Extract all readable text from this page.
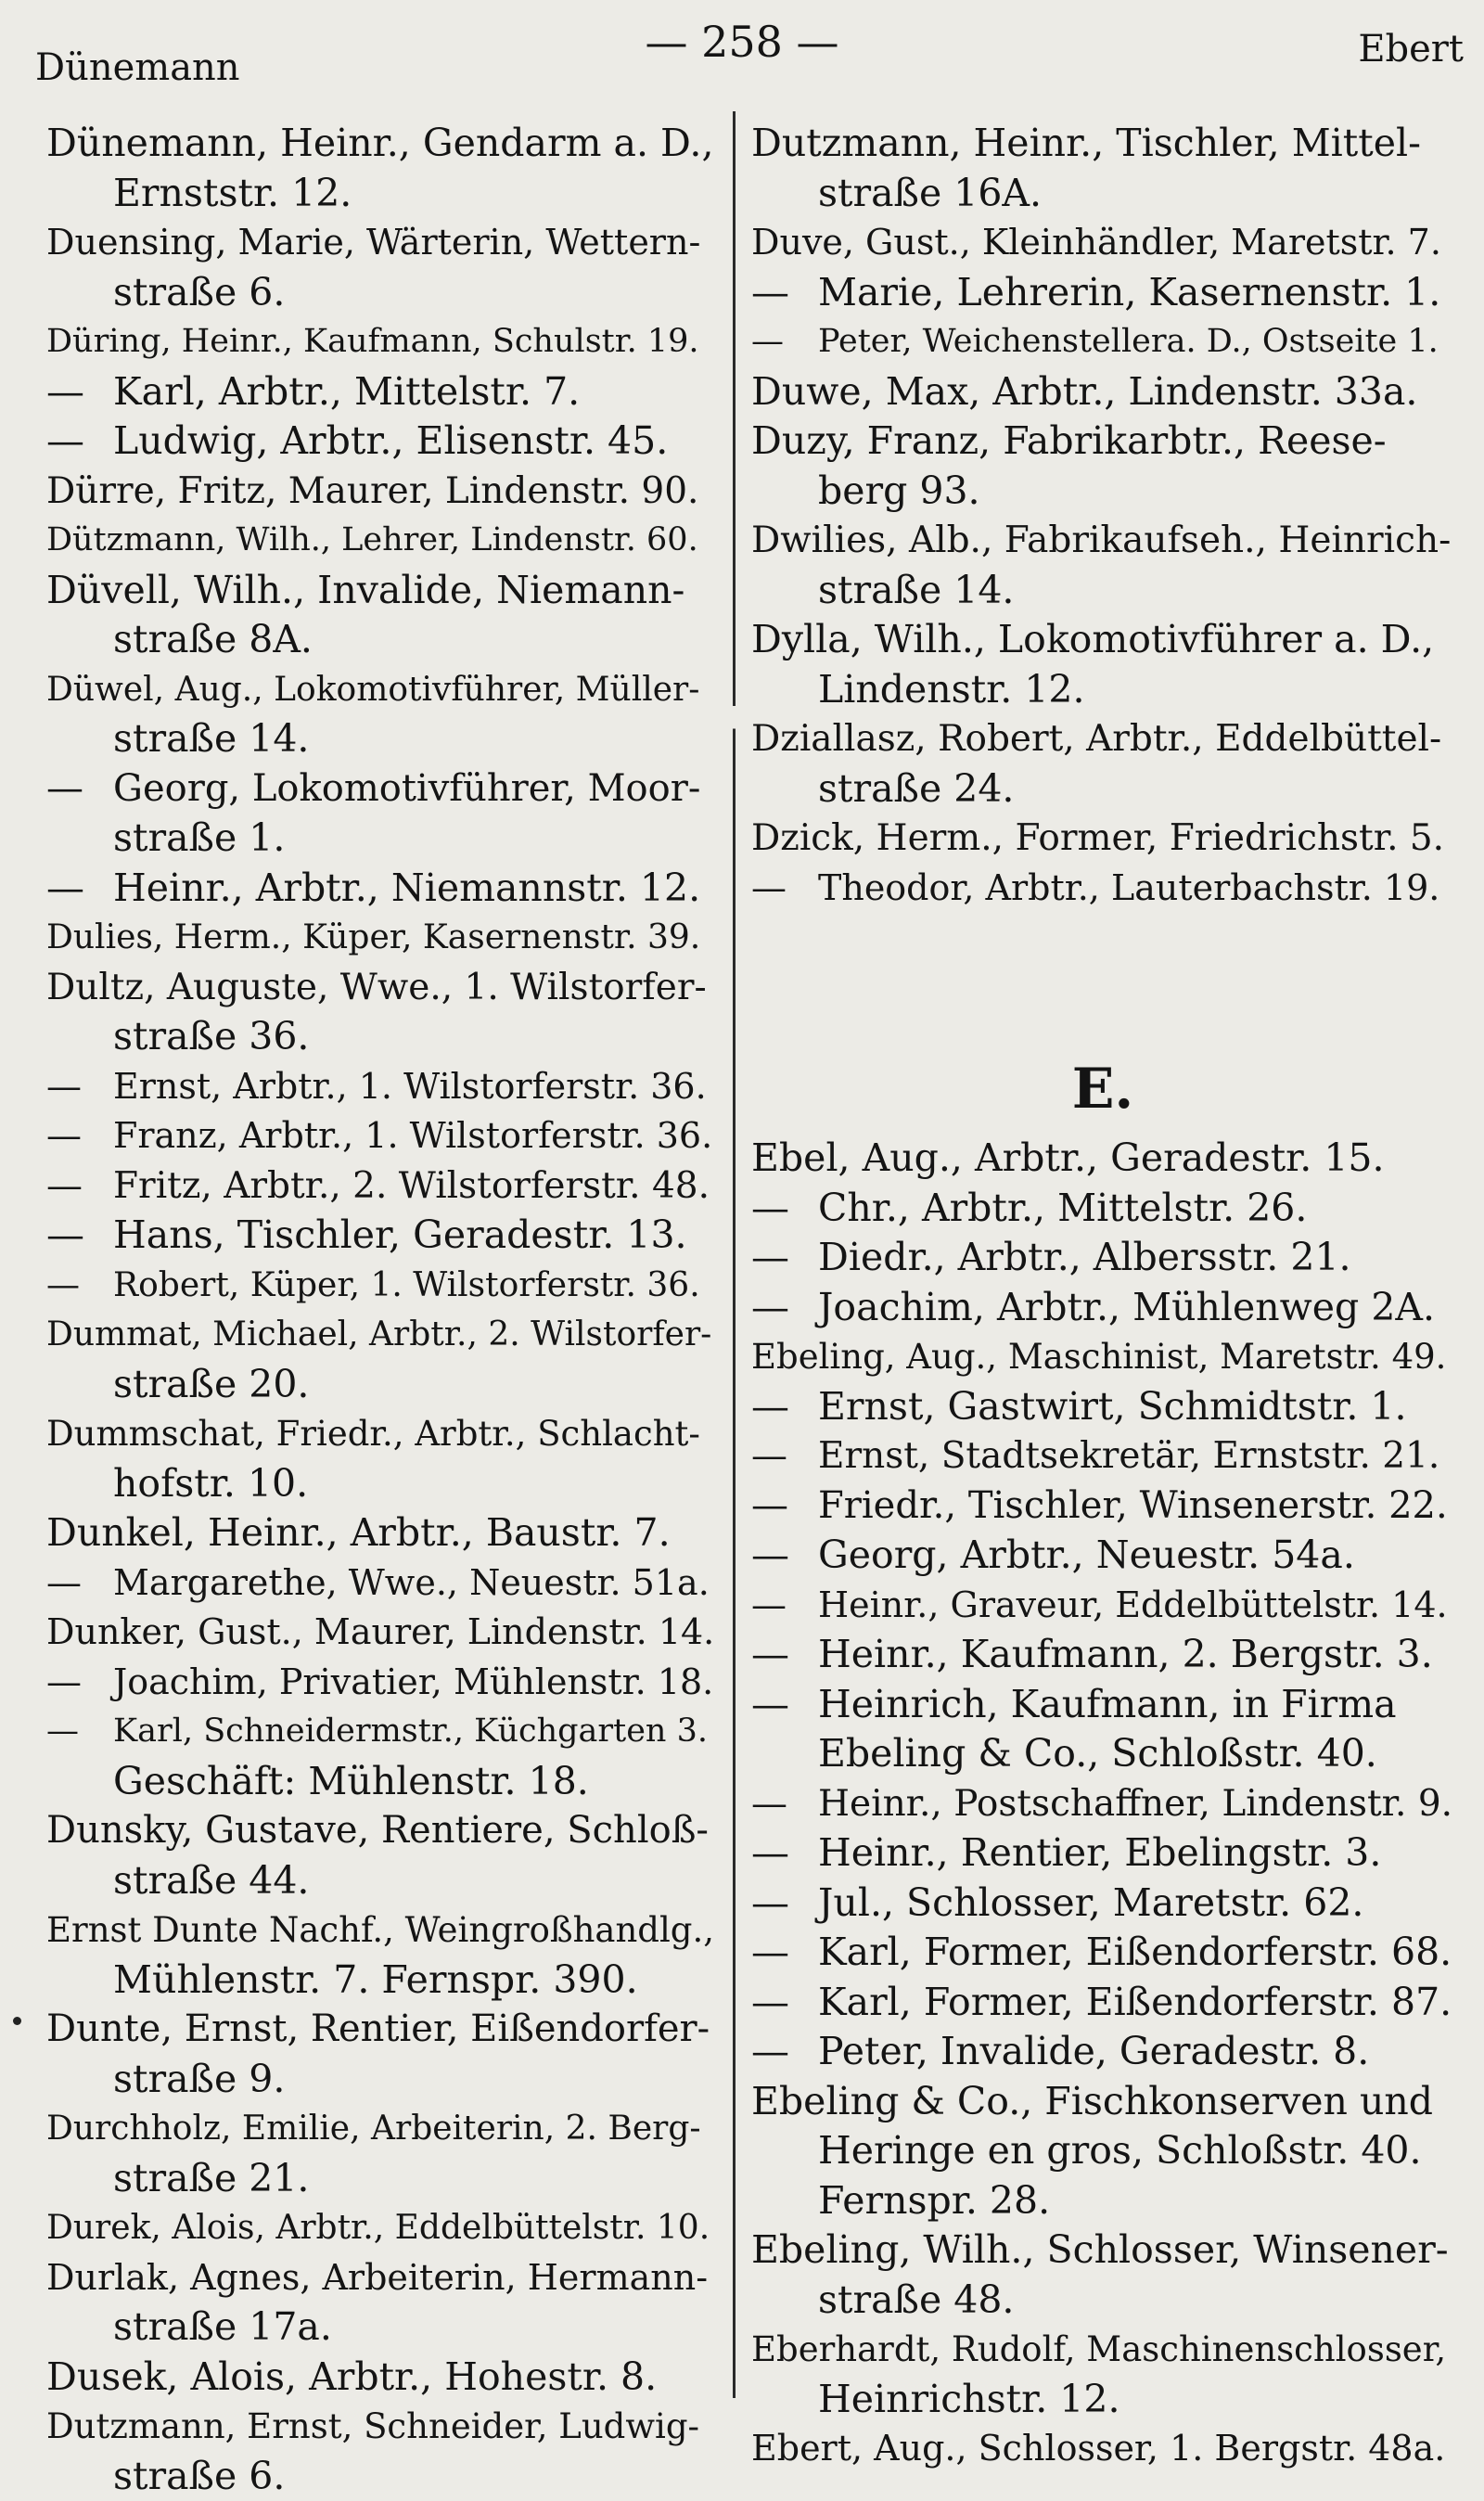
Dünemann
— 258 —	Ebert
Dünemann, Heinr., Gendarm a. D.,
Ernststr. 12.
Duensing, Marie, Wärterin, Wettern-
straße 6.
Düring, Heinr., Kaufmann, Schulstr. 19.
— Karl, Arbtr., Mittelstr. 7.
— Ludwig, Arbtr., Elisenstr. 45.
Dürre, Fritz, Maurer, Lindenstr. 90.
Dützmann, Wilh., Lehrer, Lindenstr. 60.
Düvell, Wilh., Invalide, Niemann-
straße 8A.
Düwel, Aug., Lokomotivführer, Müller-
straße 14.
— Georg, Lokomotivführer, Moor-
straße 1.
— Heinr., Arbtr., Niemannstr. 12.
Dulies, Herm., Küper, Kasernenstr. 39.
Dultz, Auguste, Wwe., 1. Wilstorfer-
straße 36.
— Ernst, Arbtr., 1. Wilstorferstr. 36.
— Franz, Arbtr., 1. Wilstorferstr. 36.
— Fritz, Arbtr., 2. Wilstorferstr. 48.
— Hans, Tischler, Geradestr. 13.
— Robert, Küper, 1. Wilstorferstr. 36.
Dummat, Michael, Arbtr., 2. Wilstorfer-
straße 20.
Dummschat, Friedr., Arbtr., Schlacht-
hofstr. 10.
Dunkel, Heinr., Arbtr., Baustr. 7.
— Margarethe, Wwe., Neuestr. 51a.
Dunker, Gust., Maurer, Lindenstr. 14.
— Joachim, Privatier, Mühlenstr. 18.
— Karl, Schneidermstr., Küchgarten 3.
Geschäft: Mühlenstr. 18.
Dunsky, Gustave, Rentiere, Schloß-
straße 44.
Ernst Dunte Nachf., Weingroßhandlg.,
Mühlenstr. 7. Fernspr. 390.
Dunte, Ernst, Rentier, Eißendorfer-
straße 9.
Durchholz, Emilie, Arbeiterin, 2. Berg-
straße 21.
Durek, Alois, Arbtr., Eddelbüttelstr. 10.
Durlak, Agnes, Arbeiterin, Hermann-
straße 17a.
Dusek, Alois, Arbtr., Hohestr. 8.
Dutzmann, Ernst, Schneider, Ludwig-
straße 6.
Dutzmann, Heinr., Tischler, Mittel-
straße 16A.
Duve, Gust., Kleinhändler, Maretstr. 7.
— Marie, Lehrerin, Kasernenstr. 1.
— Peter, Weichenstellera. D., Ostseite 1.
Duwe, Max, Arbtr., Lindenstr. 33a.
Duzy, Franz, Fabrikarbtr., Reese-
berg 93.
Dwilies, Alb., Fabrikaufseh., Heinrich-
straße 14.
Dylla, Wilh., Lokomotivführer a. D.,
Lindenstr. 12.
Dziallasz, Robert, Arbtr., Eddelbüttel-
straße 24.
Dzick, Herm., Former, Friedrichstr. 5.
— Theodor, Arbtr., Lauterbachstr. 19.
E.
Ebel, Aug., Arbtr., Geradestr. 15.
— Chr., Arbtr., Mittelstr. 26.
— Diedr., Arbtr., Albersstr. 21.
— Joachim, Arbtr., Mühlenweg 2A.
Ebeling, Aug., Maschinist, Maretstr. 49.
— Ernst, Gastwirt, Schmidtstr. 1.
— Ernst, Stadtsekretär, Ernststr. 21.
— Friedr., Tischler, Winsenerstr. 22.
— Georg, Arbtr., Neuestr. 54a.
— Heinr., Graveur, Eddelbüttelstr. 14.
— Heinr., Kaufmann, 2. Bergstr. 3.
— Heinrich, Kaufmann, in Firma
Ebeling & Co., Schloßstr. 40.
— Heinr., Postschaffner, Lindenstr. 9.
— Heinr., Rentier, Ebelingstr. 3.
— Jul., Schlosser, Maretstr. 62.
— Karl, Former, Eißendorferstr. 68.
— Karl, Former, Eißendorferstr. 87.
— Peter, Invalide, Geradestr. 8.
Ebeling & Co., Fischkonserven und
Heringe en gros, Schloßstr. 40.
Fernspr. 28.
Ebeling, Wilh., Schlosser, Winsener-
straße 48.
Eberhardt, Rudolf, Maschinenschlosser,
Heinrichstr. 12.
Ebert, Aug., Schlosser, 1. Bergstr. 48a.
